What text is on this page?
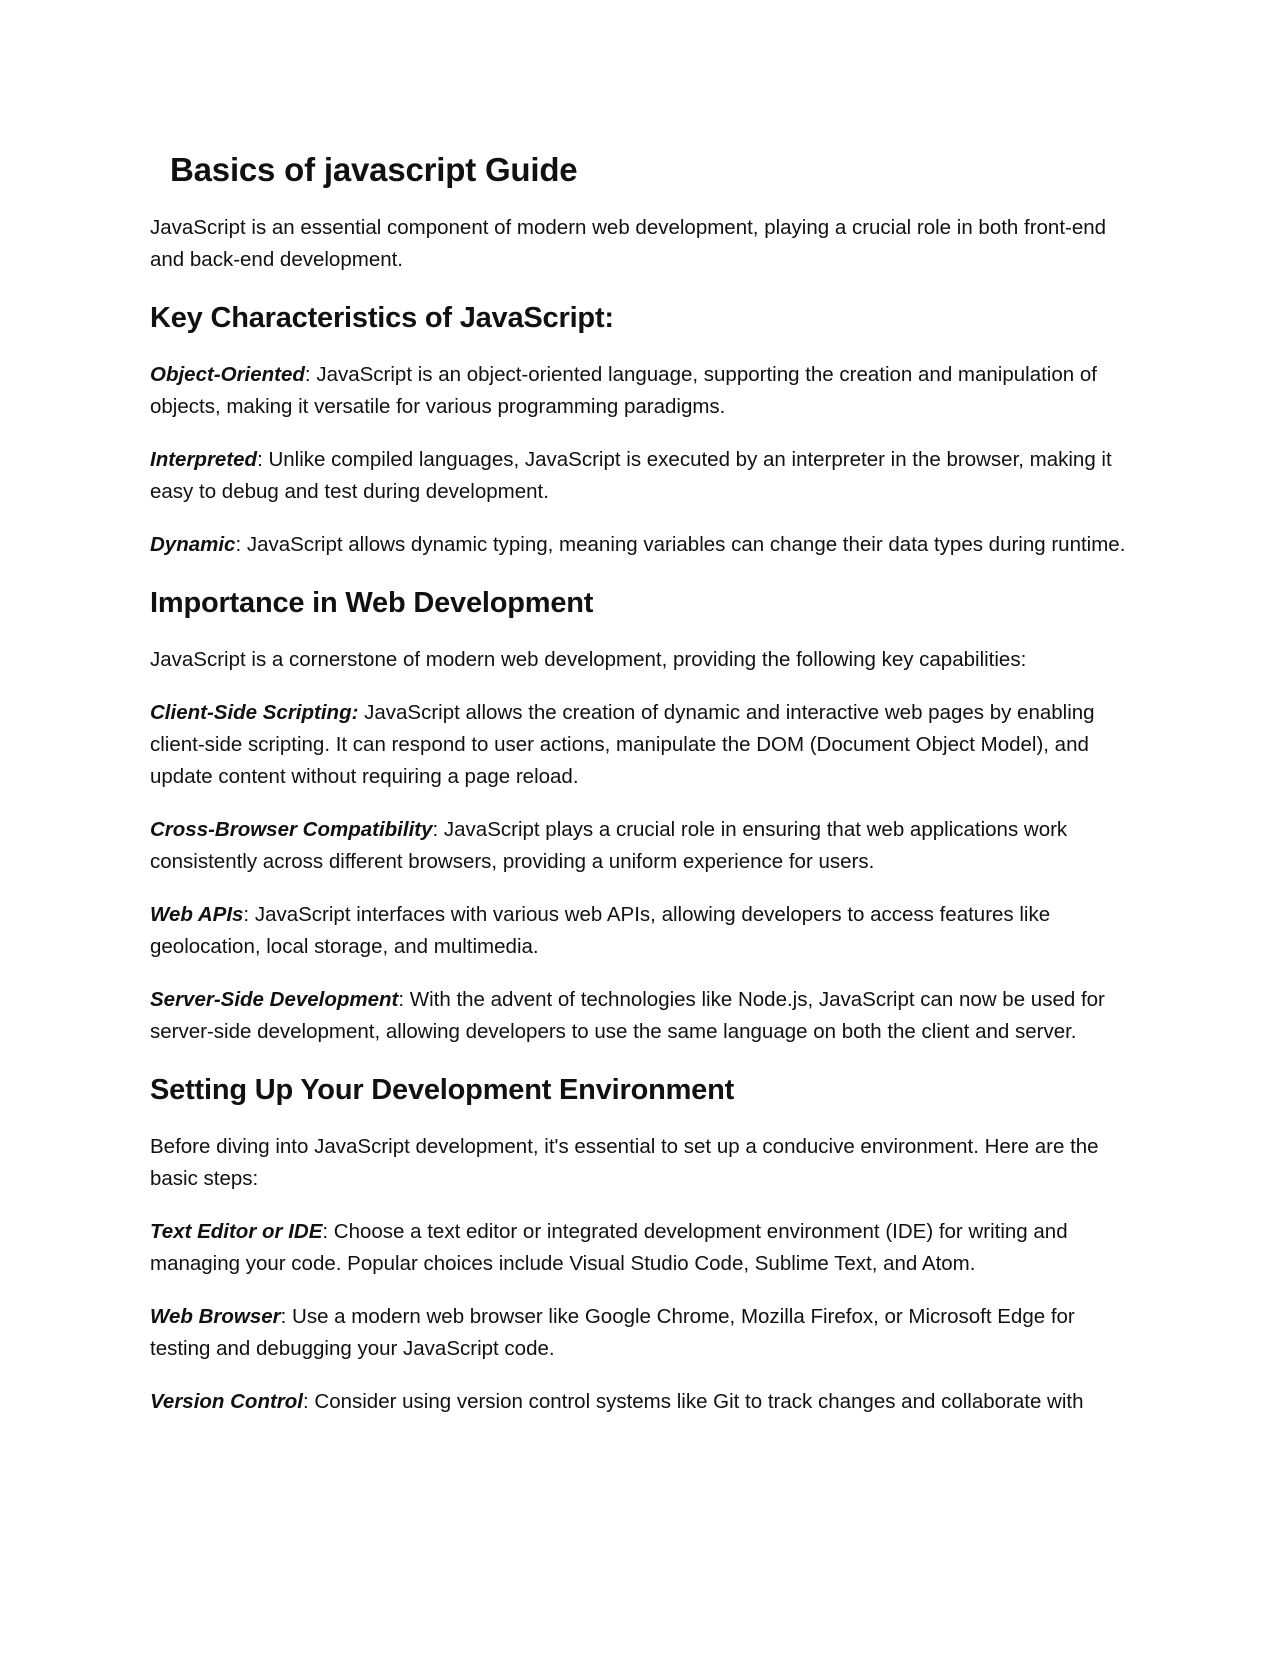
Basics of javascript Guide

JavaScript is an essential component of modern web development, playing a crucial role in both front-end and back-end development.

Key Characteristics of JavaScript:

Object-Oriented: JavaScript is an object-oriented language, supporting the creation and manipulation of objects, making it versatile for various programming paradigms.

Interpreted: Unlike compiled languages, JavaScript is executed by an interpreter in the browser, making it easy to debug and test during development.

Dynamic: JavaScript allows dynamic typing, meaning variables can change their data types during runtime.

Importance in Web Development

JavaScript is a cornerstone of modern web development, providing the following key capabilities:

Client-Side Scripting: JavaScript allows the creation of dynamic and interactive web pages by enabling client-side scripting. It can respond to user actions, manipulate the DOM (Document Object Model), and update content without requiring a page reload.

Cross-Browser Compatibility: JavaScript plays a crucial role in ensuring that web applications work consistently across different browsers, providing a uniform experience for users.

Web APIs: JavaScript interfaces with various web APIs, allowing developers to access features like geolocation, local storage, and multimedia.

Server-Side Development: With the advent of technologies like Node.js, JavaScript can now be used for server-side development, allowing developers to use the same language on both the client and server.

Setting Up Your Development Environment

Before diving into JavaScript development, it's essential to set up a conducive environment. Here are the basic steps:

Text Editor or IDE: Choose a text editor or integrated development environment (IDE) for writing and managing your code. Popular choices include Visual Studio Code, Sublime Text, and Atom.

Web Browser: Use a modern web browser like Google Chrome, Mozilla Firefox, or Microsoft Edge for testing and debugging your JavaScript code.

Version Control: Consider using version control systems like Git to track changes and collaborate with
